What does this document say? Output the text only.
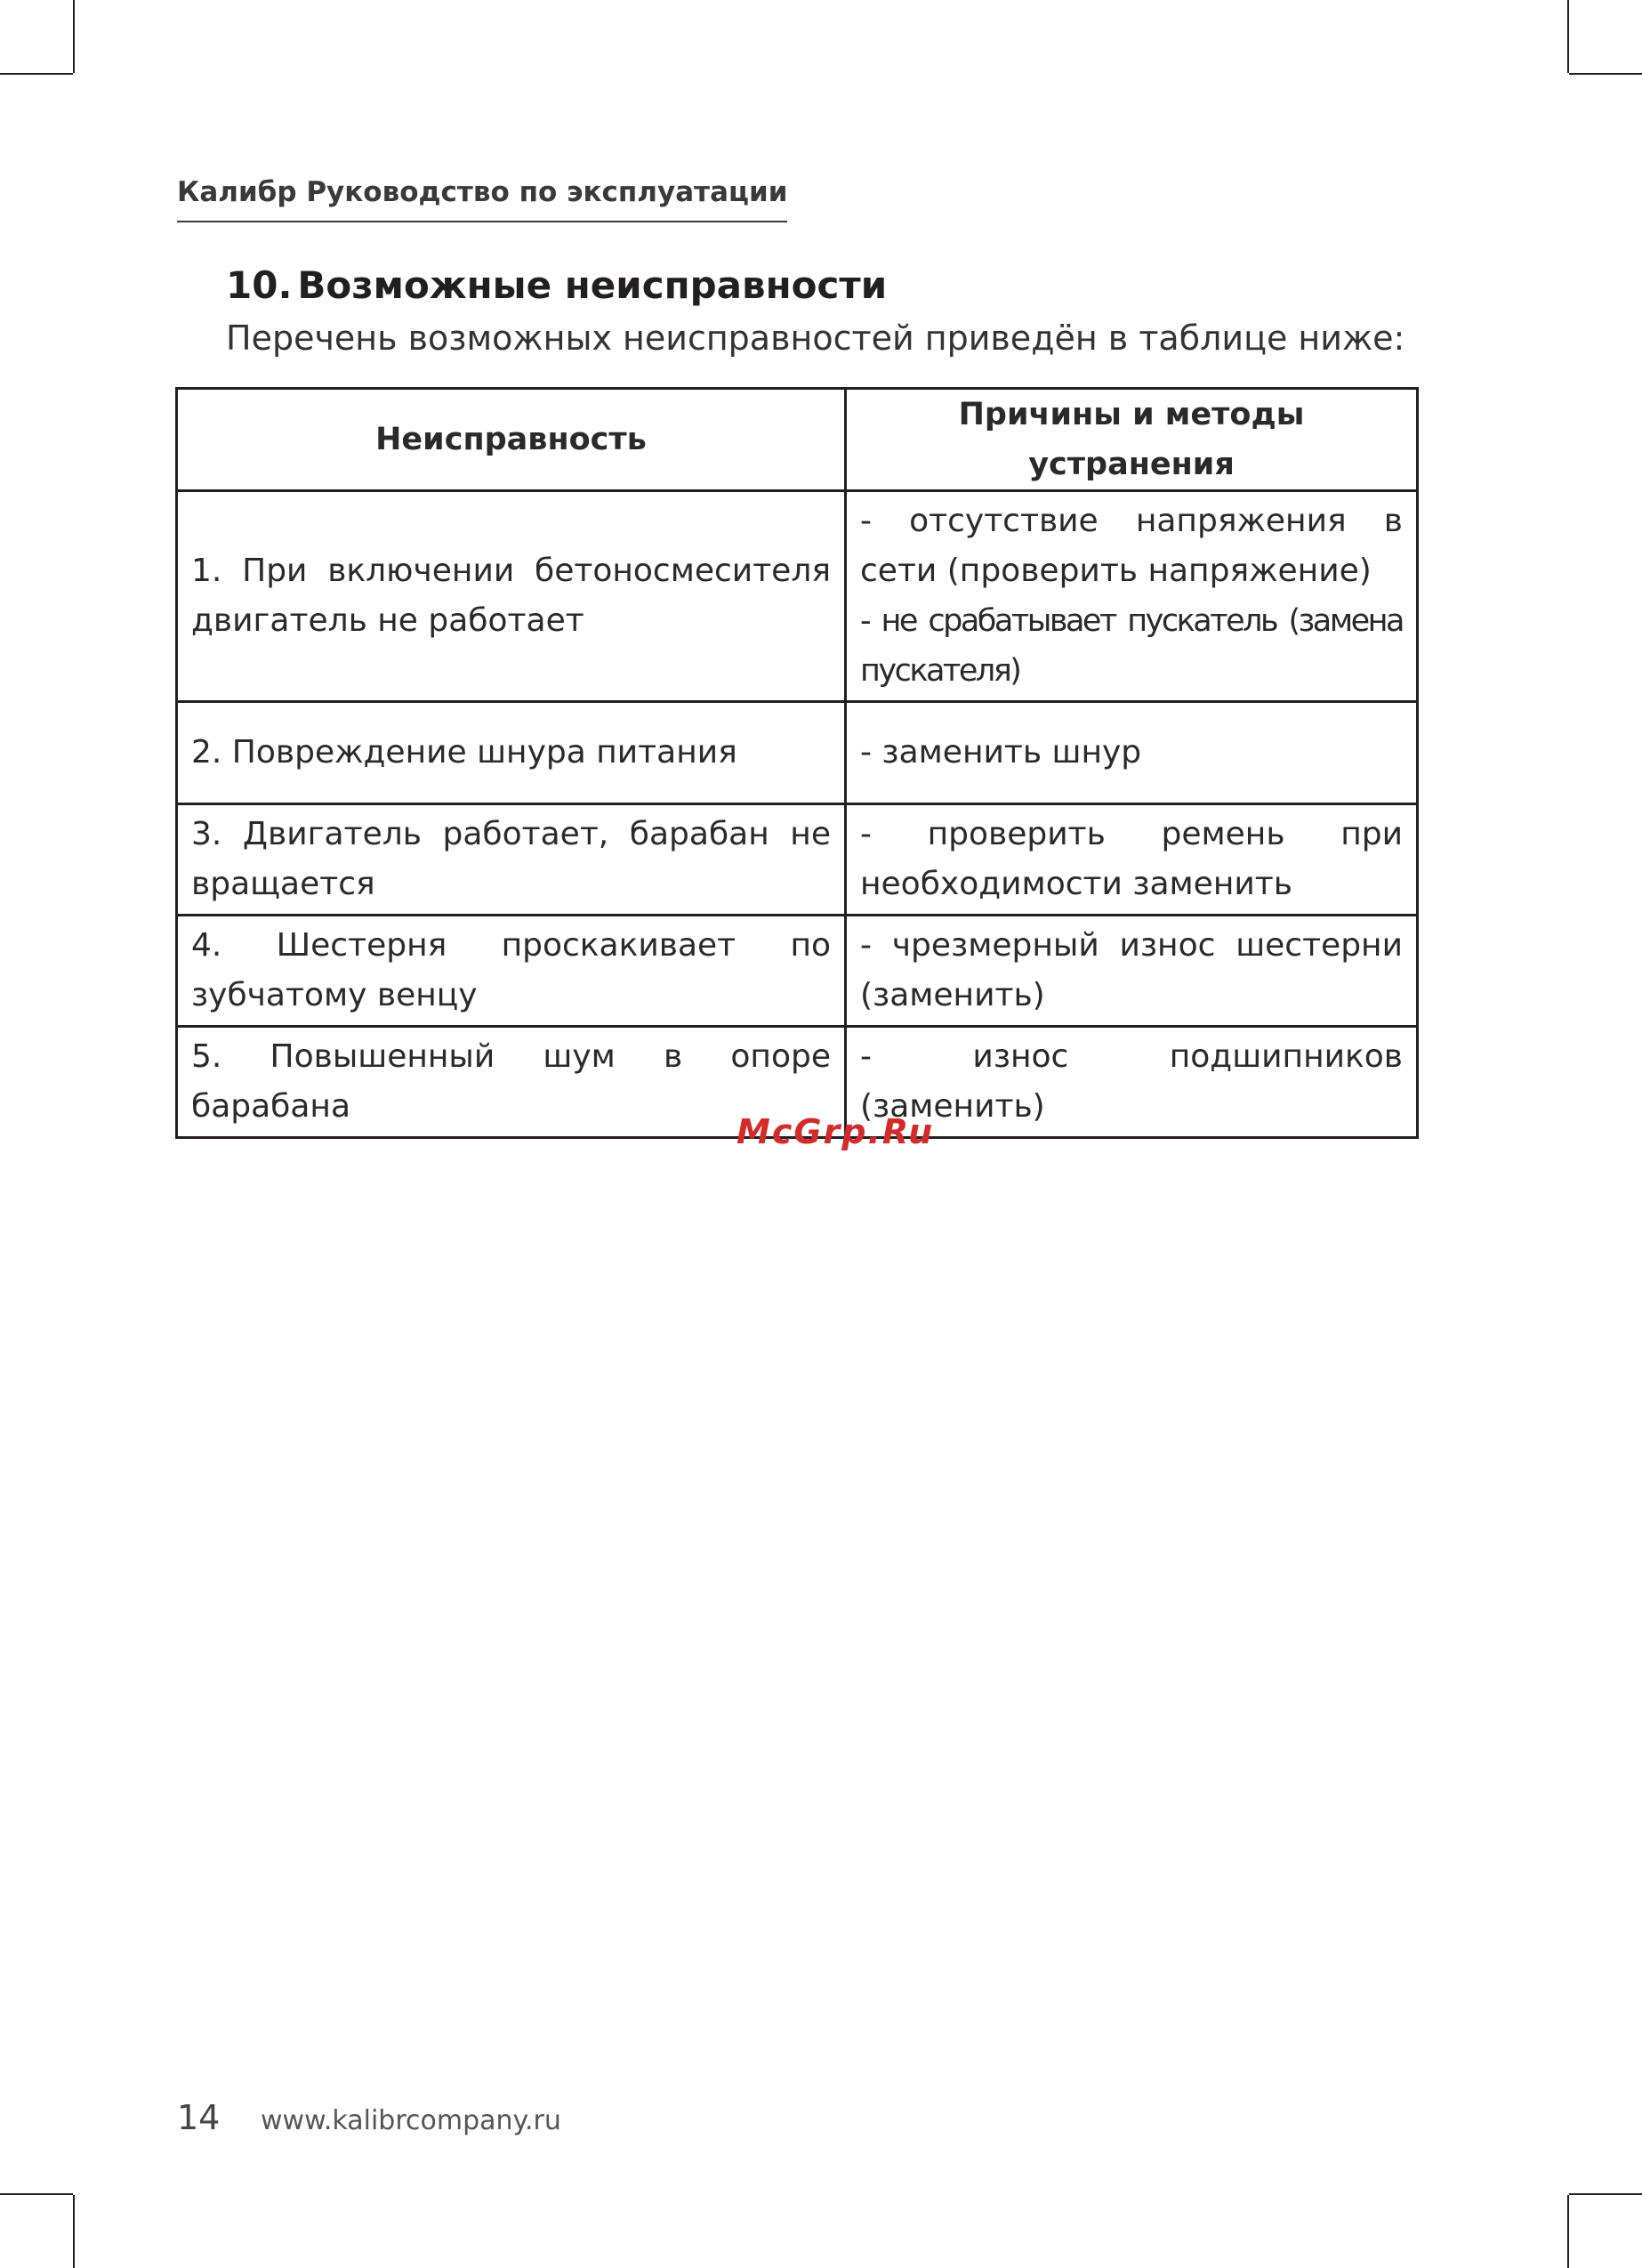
Калибр Руководство по эксплуатации
10. Возможные неисправности
Перечень возможных неисправностей приведён в таблице ниже:
Неисправность	Причины и методы устранения
1. При включении бетоносмесителя двигатель не работает	- отсутствие напряжения в сети (проверить напряжение)
- не срабатывает пускатель (замена пускателя)

2. Повреждение шнура питания	- заменить шнур
3. Двигатель работает, барабан не вращается	- проверить ремень при необходимости заменить
4. Шестерня проскакивает по зубчатому венцу	- чрезмерный износ шестерни (заменить)
5. Повышенный шум в опоре барабана	- износ подшипников (заменить)
McGrp.Ru
14 www.kalibrcompany.ru
